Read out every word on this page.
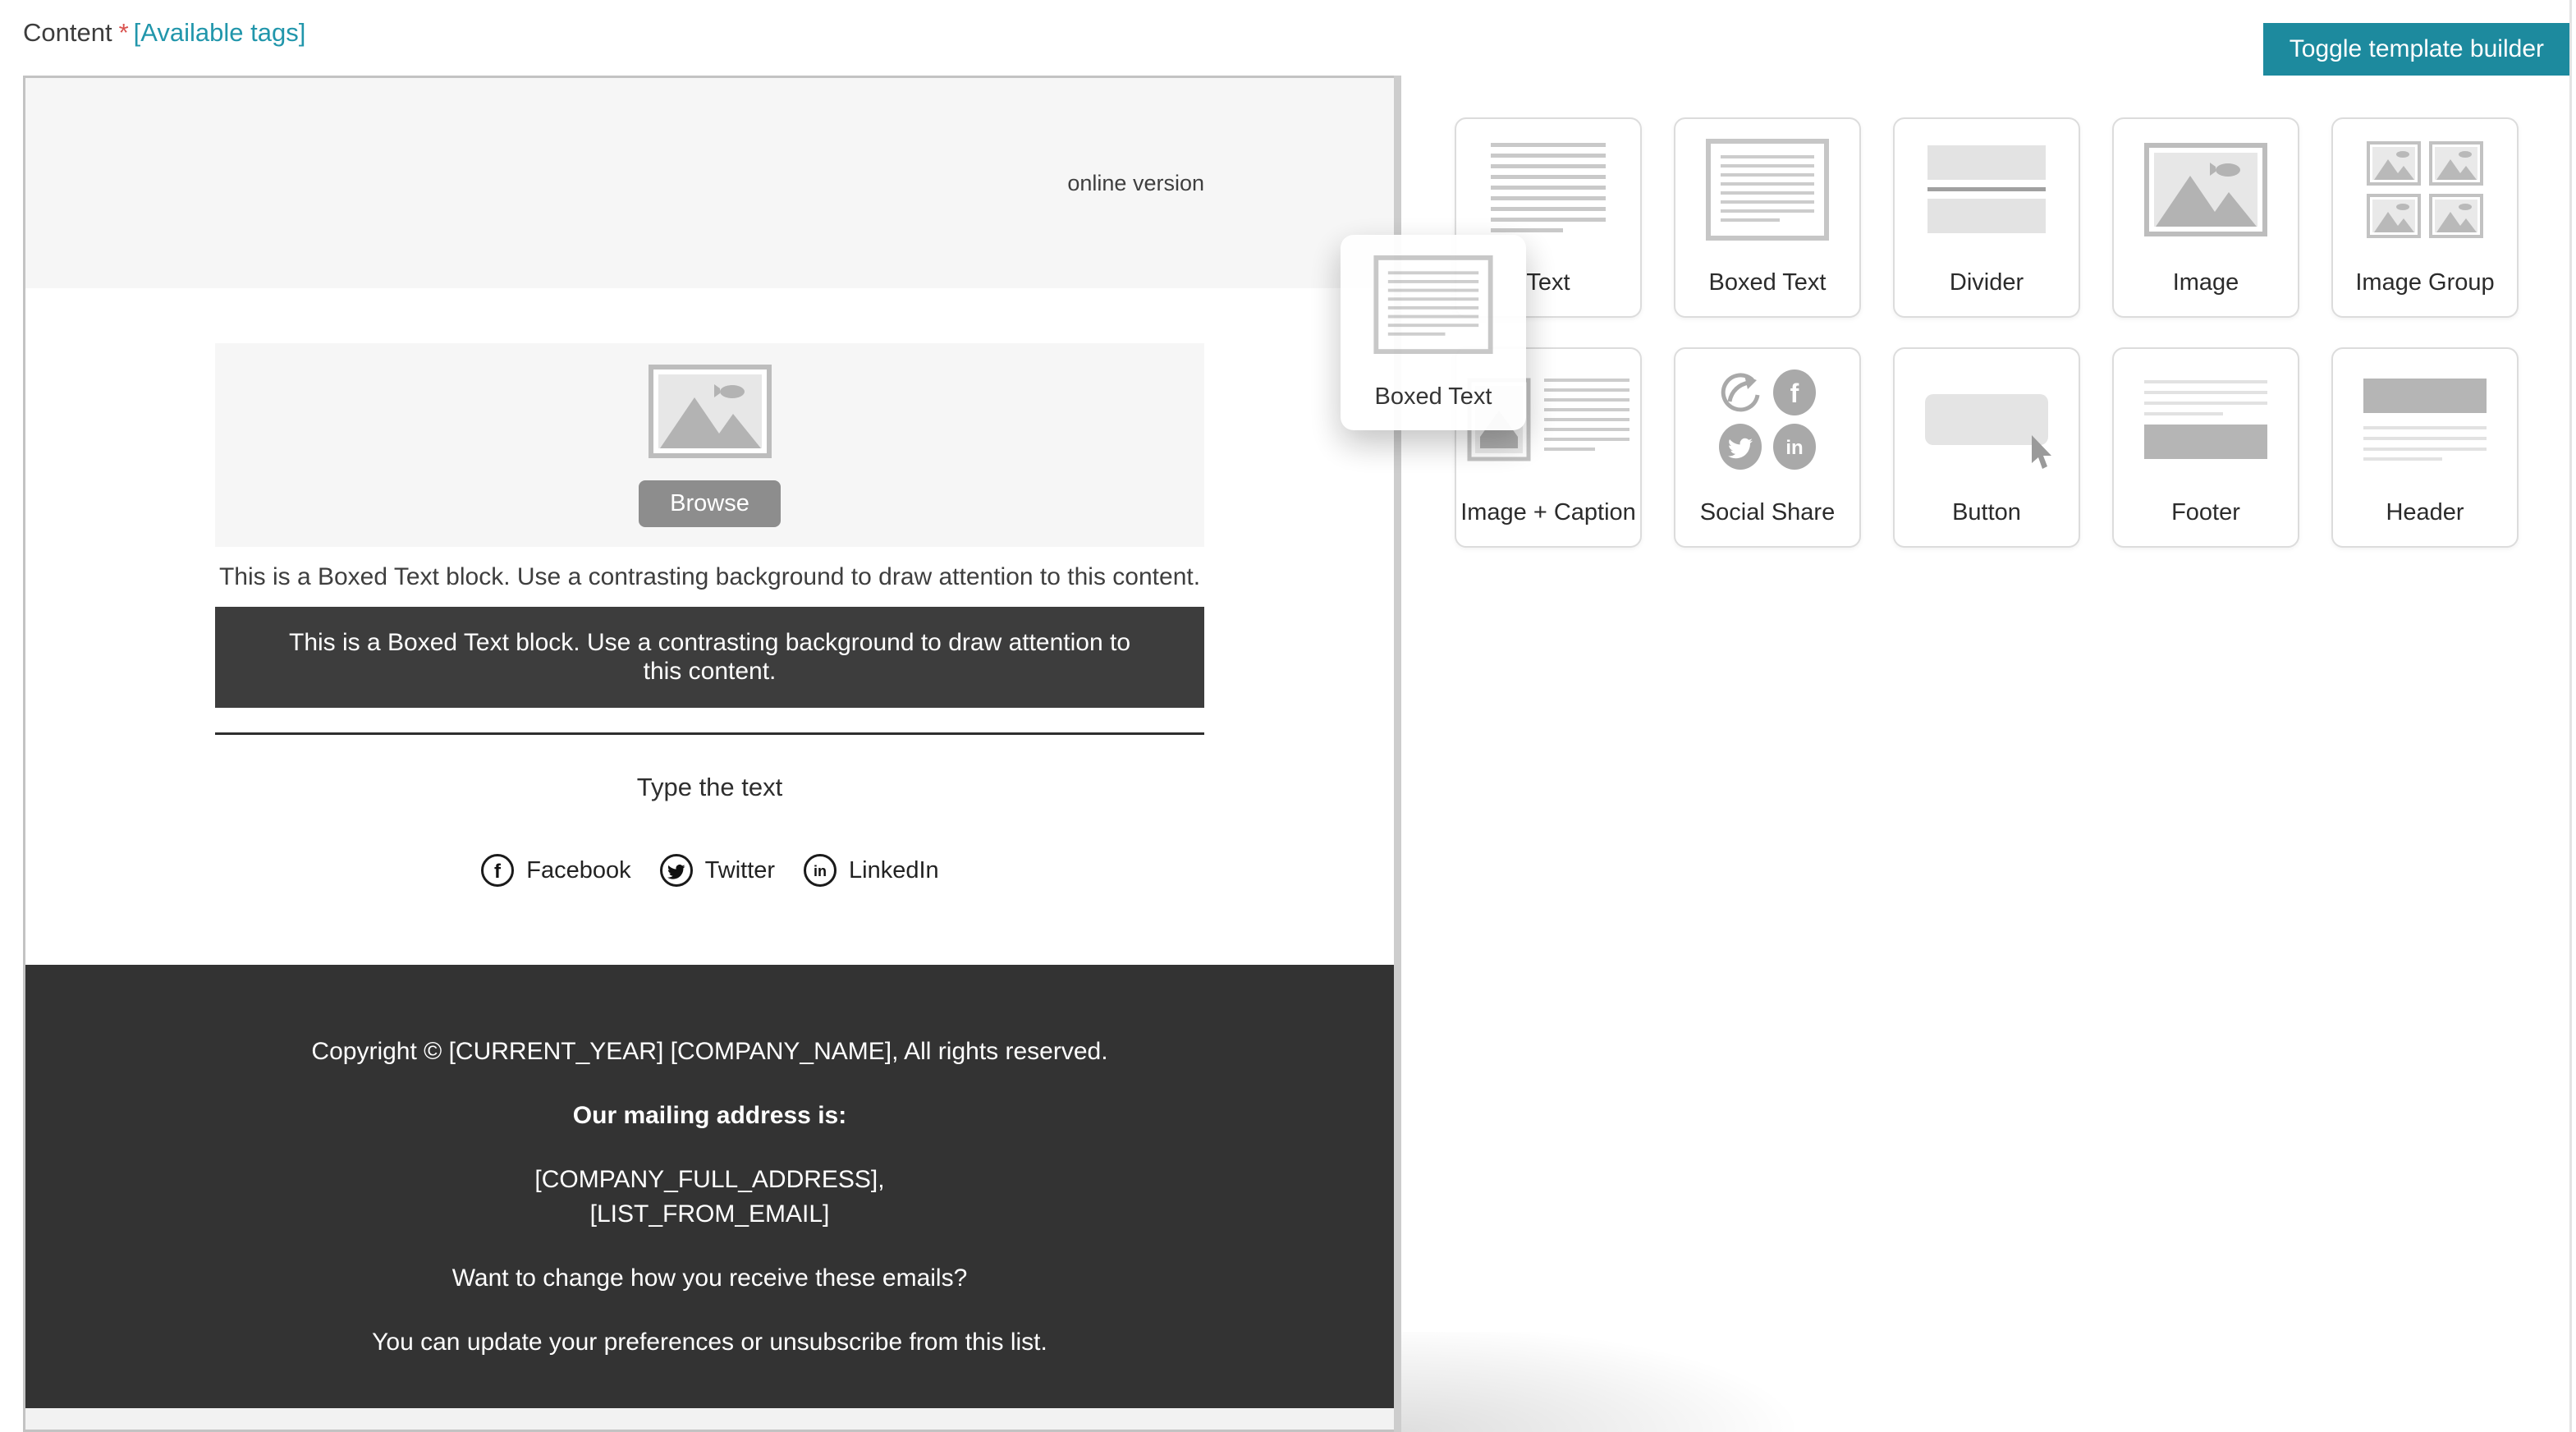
Content * [Available tags]
Toggle template builder
online version
Browse
This is a Boxed Text block. Use a contrasting background to draw attention to this content.
This is a Boxed Text block. Use a contrasting background to draw attention to this content.
Type the text
f Facebook	Twitter	in LinkedIn
Copyright © [CURRENT_YEAR] [COMPANY_NAME], All rights reserved.
Our mailing address is:
[COMPANY_FULL_ADDRESS],
[LIST_FROM_EMAIL]
Want to change how you receive these emails?
You can update your preferences or unsubscribe from this list.
Text	Boxed Text	Divider	Image	Image Group
Image + Caption
f
in
Social Share	Button	Footer	Header
Boxed Text
